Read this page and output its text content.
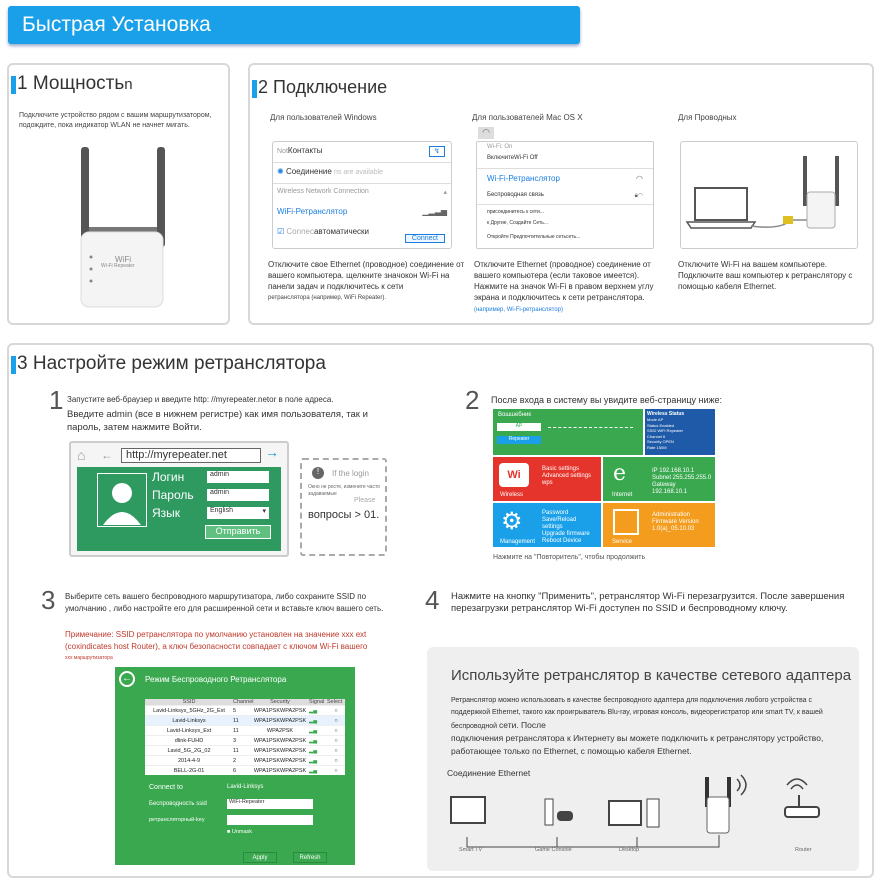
Быстрая Установка
1 Мощностьn
Подключите устройство рядом с вашим маршрутизатором, подождите, пока индикатор WLAN не начнет мигать.
WiFi
Wi-Fi Repeater
2 Подключение
Для пользователей Windows
NotКонтакты	↯
✺ Соединение ns are available
Wireless Network Connection	▴
WiFi-Ретранслятор	▁▂▃▅
☑ Connecавтоматически
Connect
Отключите свое Ethernet (проводное) соединение от вашего компьютера. щелкните значокон Wi-Fi на панели задач и подключитесь к сети
ретранслятора (например, WiFi Repeater).
Для пользователей Mac OS X
◠
Wi-Fi: On
ВключитеWi-Fi Off
Wi-Fi-Ретранслятор	◠
Беспроводная связь	🔒︎◠
присоединитесь к сети...
к Другие, Создайте Сеть...
Откройте Предпочтительные сетьсеть...
Отключите Ethernet (проводное) соединение от вашего компьютера (если таковое имеется). Нажмите на значок Wi-Fi в правом верхнем углу экрана и подключитесь к сети ретранслятора.
(например, Wi-Fi-ретранслятор)
Для Проводных
Отключите Wi-Fi на вашем компьютере. Подключите ваш компьютер к ретранслятору с помощью кабеля Ethernet.
3 Настройте режим ретранслятора
1 Запустите веб-браузер и введите http: //myrepeater.netor в поле адреса.
Введите admin (все в нижнем регистре) как имя пользователя, так и пароль, затем нажмите Войти.
⌂ ←	http://myrepeater.net	→
Логин	admin
Пароль	admin
Язык	English	▾
Отправить
!	If the login
Окно не росте, измените часто задаваемые
Please
вопросы > 01.
2 После входа в систему вы увидите веб-страницу ниже:
Вошшебник
AP
Repeater
Wireless Status
Mode AP
Status Enabled
SSID WiFi Repeater
Channel 6
Security OPEN
Rate 150M
Wi
Wireless
Basic settings
Advanced settings
wps	e
Internet
IP 192.168.10.1
Subnet 255.255.255.0
Gateway 192.168.10.1
⚙
Management
Password
Save/Reload settings
Upgrade firmware
Reboot Device	Service
Administration
Firmware Version
1.0(a)_05.10.03
Нажмите на "Повторитель", чтобы продолжить
3 Выберите сеть вашего беспроводного маршрутизатора, либо сохраните SSID по умолчанию , либо настройте его для расширенной сети и вставьте ключ вашего сеть.
Примечание: SSID ретранслятора по умолчанию установлен на значение ххх ехt (coxindicates host Router), а ключ безопасности совпадает с ключом Wi-Fi вашего
ххх маршрутизатора
←	Режим Беспроводного Ретранслятора
SSID	Channel	Security	Signal Select
Lavid-Linksys_5GHz_2G_Ext	5	WPA1PSKWPA2PSK ▂▄	○
Lavid-Linksys	11	WPA1PSKWPA2PSK ▂▄	○
Lavid-Linksys_Ext	11	WPA2PSK	▂▄	○
dlink-FUHD	3	WPA1PSKWPA2PSK ▂▄	○
Lavid_5G_2G_02	11	WPA1PSKWPA2PSK ▂▄	○
2014-4-9	2	WPA1PSKWPA2PSK ▂▄	○
BELL-2G-01	6	WPA1PSKWPA2PSK ▂▄	○
Connect to	Lavid-Linksys
Беспроводность ssid	WiFi-Repeater
ретрансляторный-key
■ Unmask
Apply	Refresh
4 Нажмите на кнопку "Применить", ретранслятор Wi-Fi перезагрузится. После завершения перезагрузки ретранслятор Wi-Fi доступен по SSID и беспроводному ключу.
Используйте ретранслятор в качестве сетевого адаптера
Ретранслятор можно использовать в качестве беспроводного адаптера для подключения любого устройства с поддержкой Ethernet, такого как проигрыватель Blu-ray, игровая консоль, видеорегистратор или smart TV, к вашей беспроводной сети. После
подключения ретранслятора к Интернету вы можете подключить к ретранслятору устройство, работающее только по Ethernet, с помощью кабеля Ethernet.
Соединение Ethernet
Smart TV	Game Console	Desktop	Router
